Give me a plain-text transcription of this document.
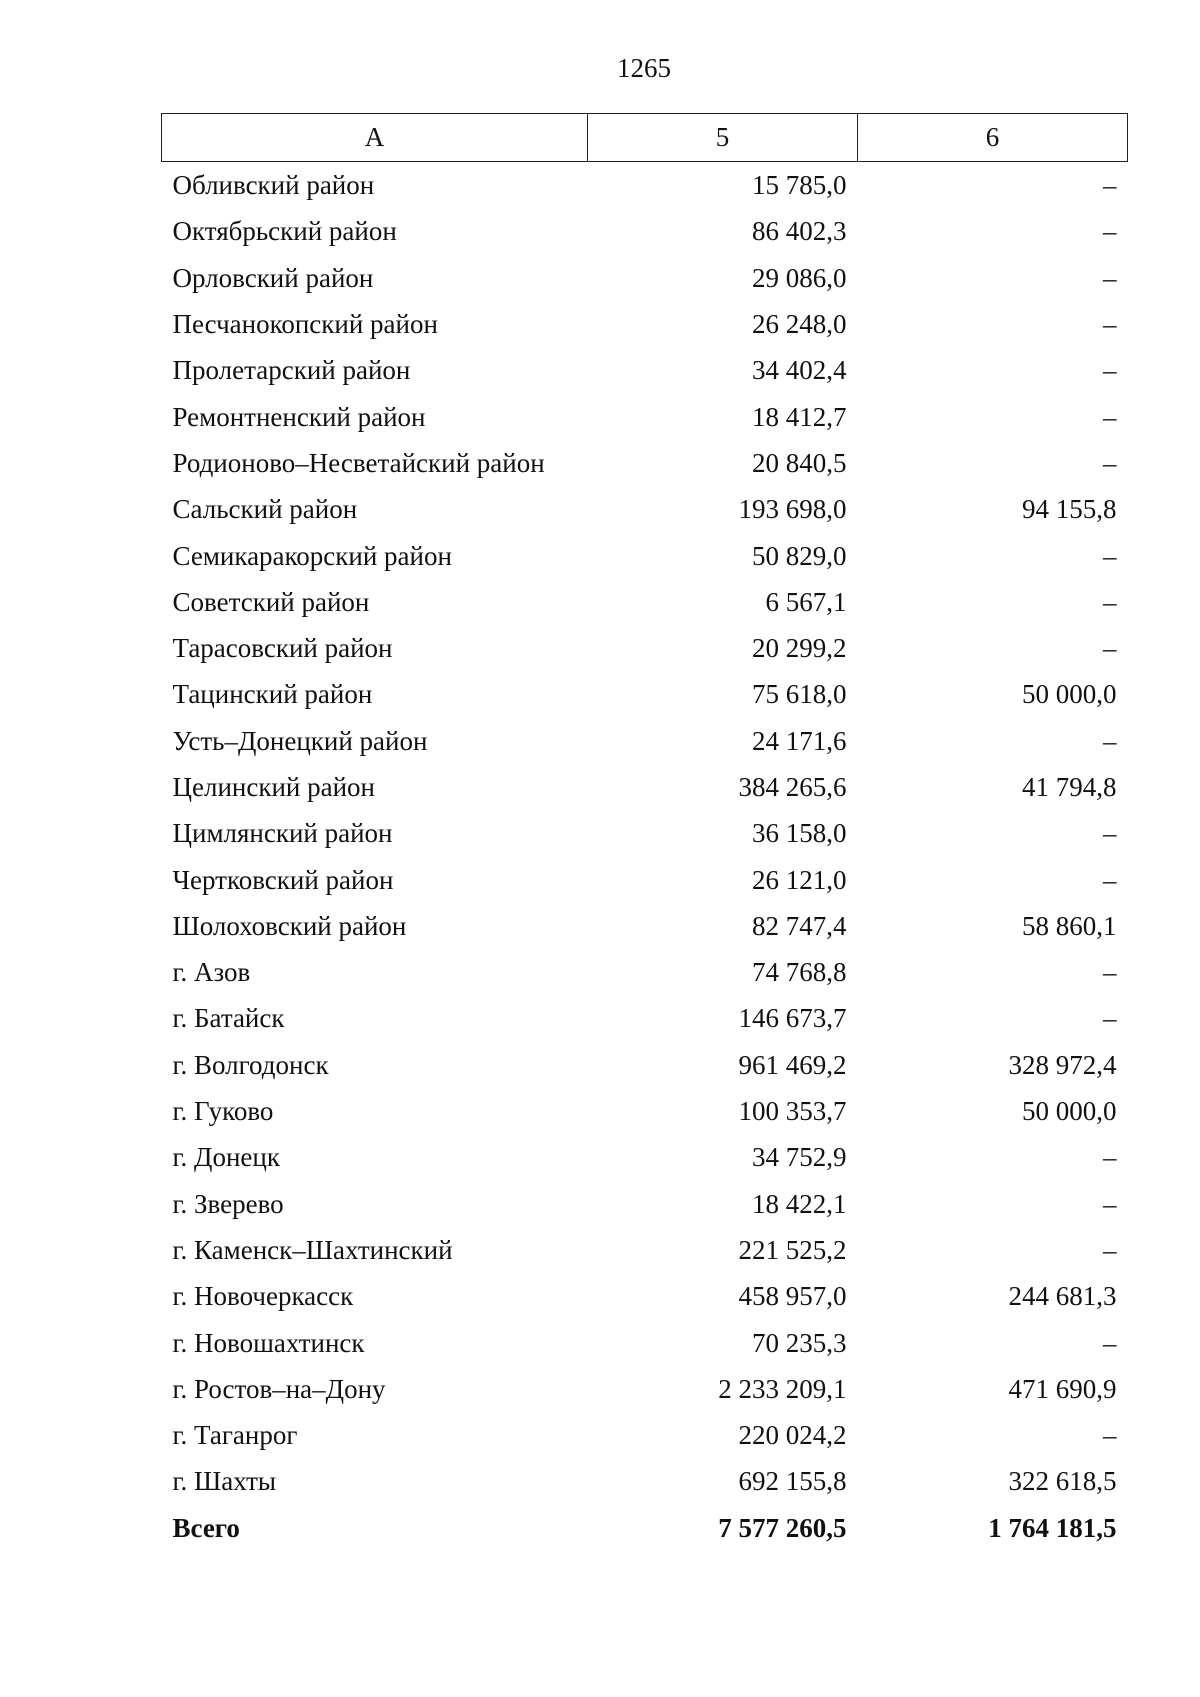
1265
А	5	6
Обливский район	15 785,0	–
Октябрьский район	86 402,3	–
Орловский район	29 086,0	–
Песчанокопский район	26 248,0	–
Пролетарский район	34 402,4	–
Ремонтненский район	18 412,7	–
Родионово–Несветайский район	20 840,5	–
Сальский район	193 698,0	94 155,8
Семикаракорский район	50 829,0	–
Советский район	6 567,1	–
Тарасовский район	20 299,2	–
Тацинский район	75 618,0	50 000,0
Усть–Донецкий район	24 171,6	–
Целинский район	384 265,6	41 794,8
Цимлянский район	36 158,0	–
Чертковский район	26 121,0	–
Шолоховский район	82 747,4	58 860,1
г. Азов	74 768,8	–
г. Батайск	146 673,7	–
г. Волгодонск	961 469,2	328 972,4
г. Гуково	100 353,7	50 000,0
г. Донецк	34 752,9	–
г. Зверево	18 422,1	–
г. Каменск–Шахтинский	221 525,2	–
г. Новочеркасск	458 957,0	244 681,3
г. Новошахтинск	70 235,3	–
г. Ростов–на–Дону	2 233 209,1	471 690,9
г. Таганрог	220 024,2	–
г. Шахты	692 155,8	322 618,5
Всего	7 577 260,5	1 764 181,5
